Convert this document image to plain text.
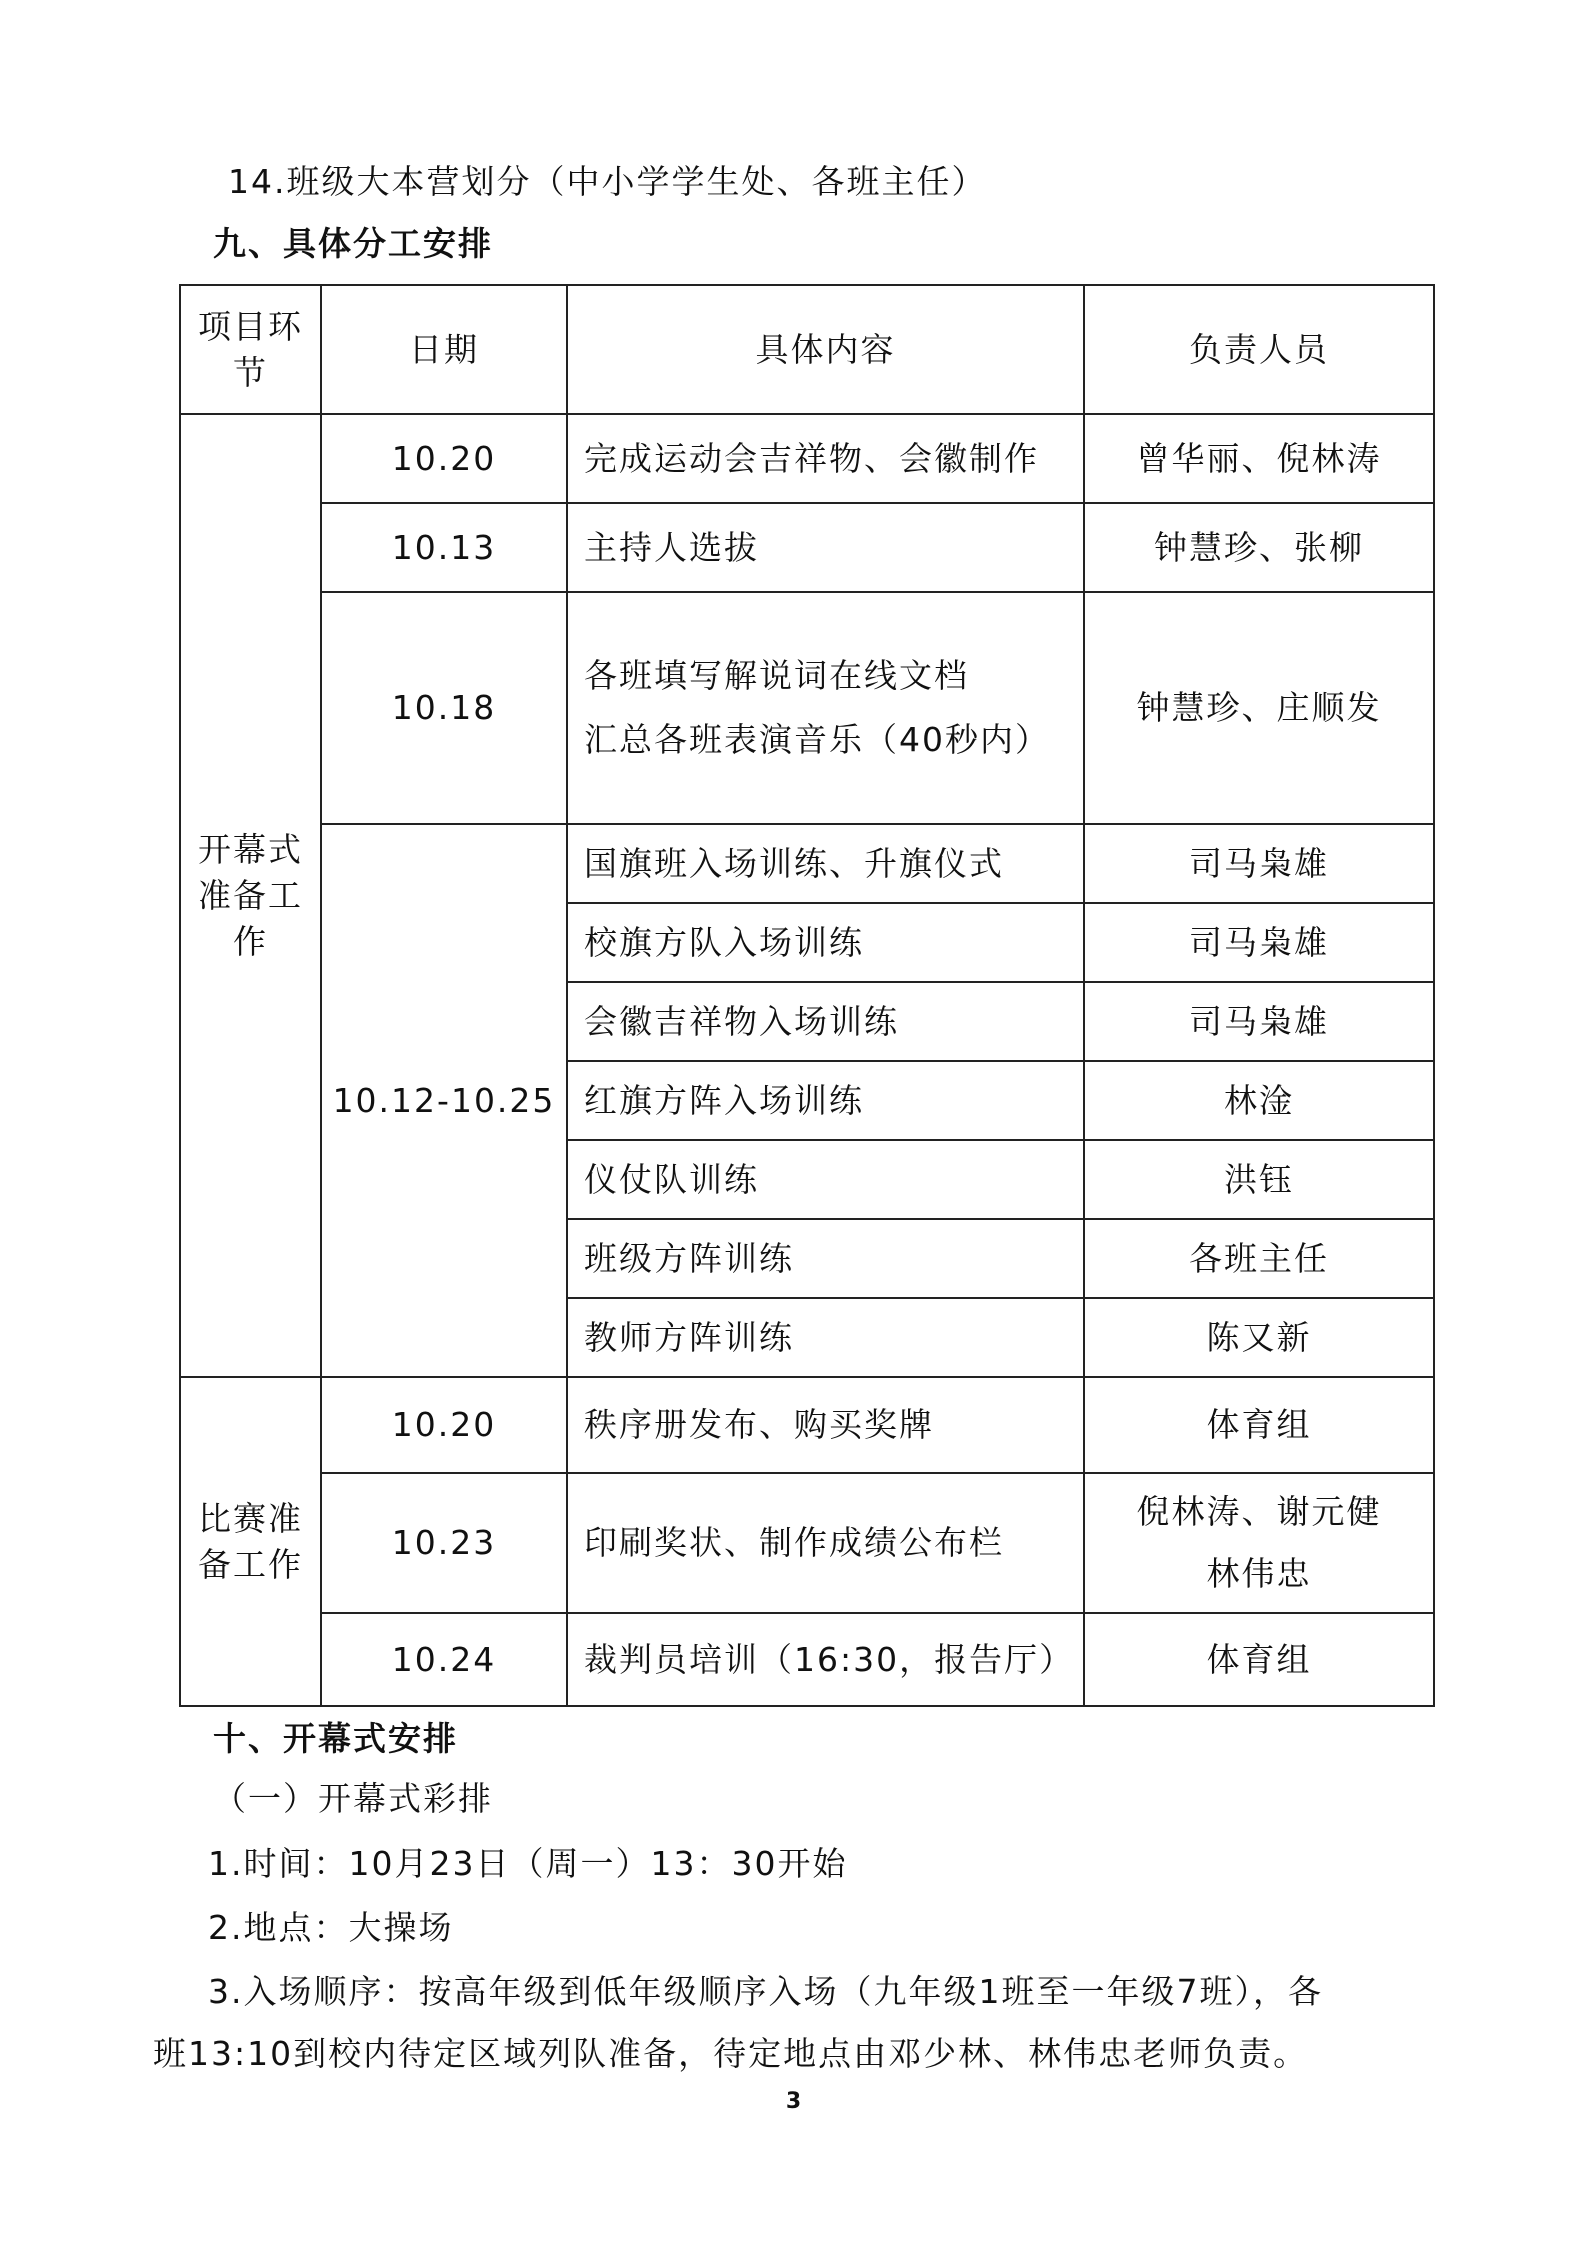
14.班级大本营划分（中小学学生处、各班主任）
九、具体分工安排
项目环
节	日期	具体内容	负责人员

开幕式
准备工
作	10.20	完成运动会吉祥物、会徽制作	曾华丽、倪林涛
	10.13	主持人选拔	钟慧珍、张柳
	10.18	各班填写解说词在线文档
汇总各班表演音乐（40秒内）	钟慧珍、庄顺发
	10.12-10.25	国旗班入场训练、升旗仪式	司马枭雄
		校旗方队入场训练	司马枭雄
		会徽吉祥物入场训练	司马枭雄
		红旗方阵入场训练	林淦
		仪仗队训练	洪钰
		班级方阵训练	各班主任
		教师方阵训练	陈又新

比赛准
备工作	10.20	秩序册发布、购买奖牌	体育组
	10.23	印刷奖状、制作成绩公布栏	倪林涛、谢元健
林伟忠

	10.24	裁判员培训（16:30，报告厅）	体育组
十、开幕式安排
（一）开幕式彩排
1.时间：10月23日（周一）13：30开始
2.地点：大操场
3.入场顺序：按高年级到低年级顺序入场（九年级1班至一年级7班），各
班13:10到校内待定区域列队准备，待定地点由邓少林、林伟忠老师负责。
3
